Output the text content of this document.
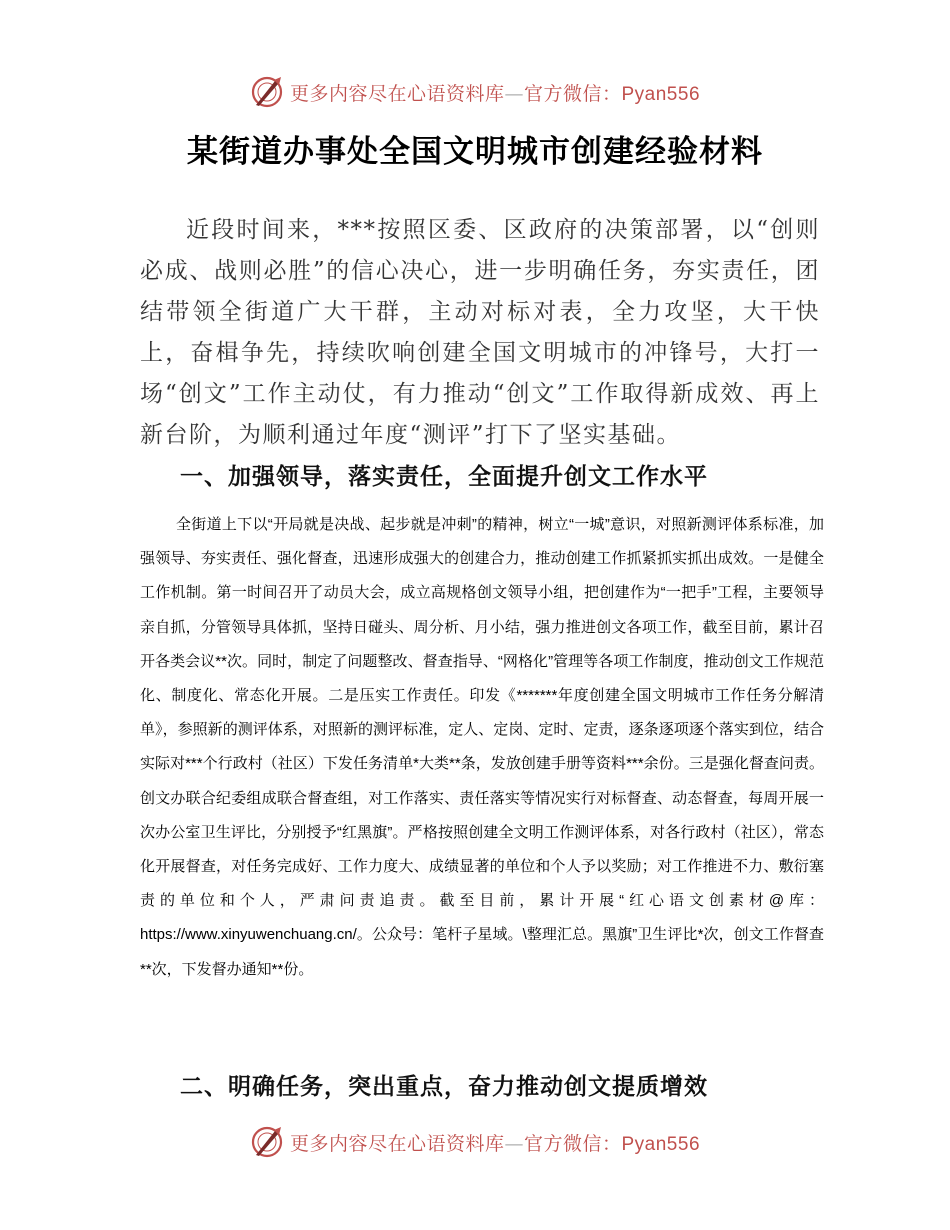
更多内容尽在心语资料库—官方微信：Pyan556
某街道办事处全国文明城市创建经验材料

近段时间来，***按照区委、区政府的决策部署，以“创则必成、战则必胜”的信心决心，进一步明确任务，夯实责任，团结带领全街道广大干群，主动对标对表，全力攻坚，大干快上，奋楫争先，持续吹响创建全国文明城市的冲锋号，大打一场“创文”工作主动仗，有力推动“创文”工作取得新成效、再上新台阶，为顺利通过年度“测评”打下了坚实基础。

一、加强领导，落实责任，全面提升创文工作水平

全街道上下以“开局就是决战、起步就是冲刺”的精神，树立“一城”意识，对照新测评体系标准，加强领导、夯实责任、强化督查，迅速形成强大的创建合力，推动创建工作抓紧抓实抓出成效。一是健全工作机制。第一时间召开了动员大会，成立高规格创文领导小组，把创建作为“一把手”工程，主要领导亲自抓，分管领导具体抓，坚持日碰头、周分析、月小结，强力推进创文各项工作，截至目前，累计召开各类会议**次。同时，制定了问题整改、督查指导、“网格化”管理等各项工作制度，推动创文工作规范化、制度化、常态化开展。二是压实工作责任。印发《*******年度创建全国文明城市工作任务分解清单》，参照新的测评体系，对照新的测评标准，定人、定岗、定时、定责，逐条逐项逐个落实到位，结合实际对***个行政村（社区）下发任务清单*大类**条，发放创建手册等资料***余份。三是强化督查问责。创文办联合纪委组成联合督查组，对工作落实、责任落实等情况实行对标督查、动态督查，每周开展一次办公室卫生评比，分别授予“红黑旗”。严格按照创建全文明工作测评体系，对各行政村（社区），常态化开展督查，对任务完成好、工作力度大、成绩显著的单位和个人予以奖励；对工作推进不力、敷衍塞责的单位和个人，严肃问责追责。截至目前，累计开展“红心语文创素材@库：https://www.xinyuwenchuang.cn/。公众号：笔杆子星域。\整理汇总。黑旗”卫生评比*次，创文工作督查**次，下发督办通知**份。

二、明确任务，突出重点，奋力推动创文提质增效
更多内容尽在心语资料库—官方微信：Pyan556
